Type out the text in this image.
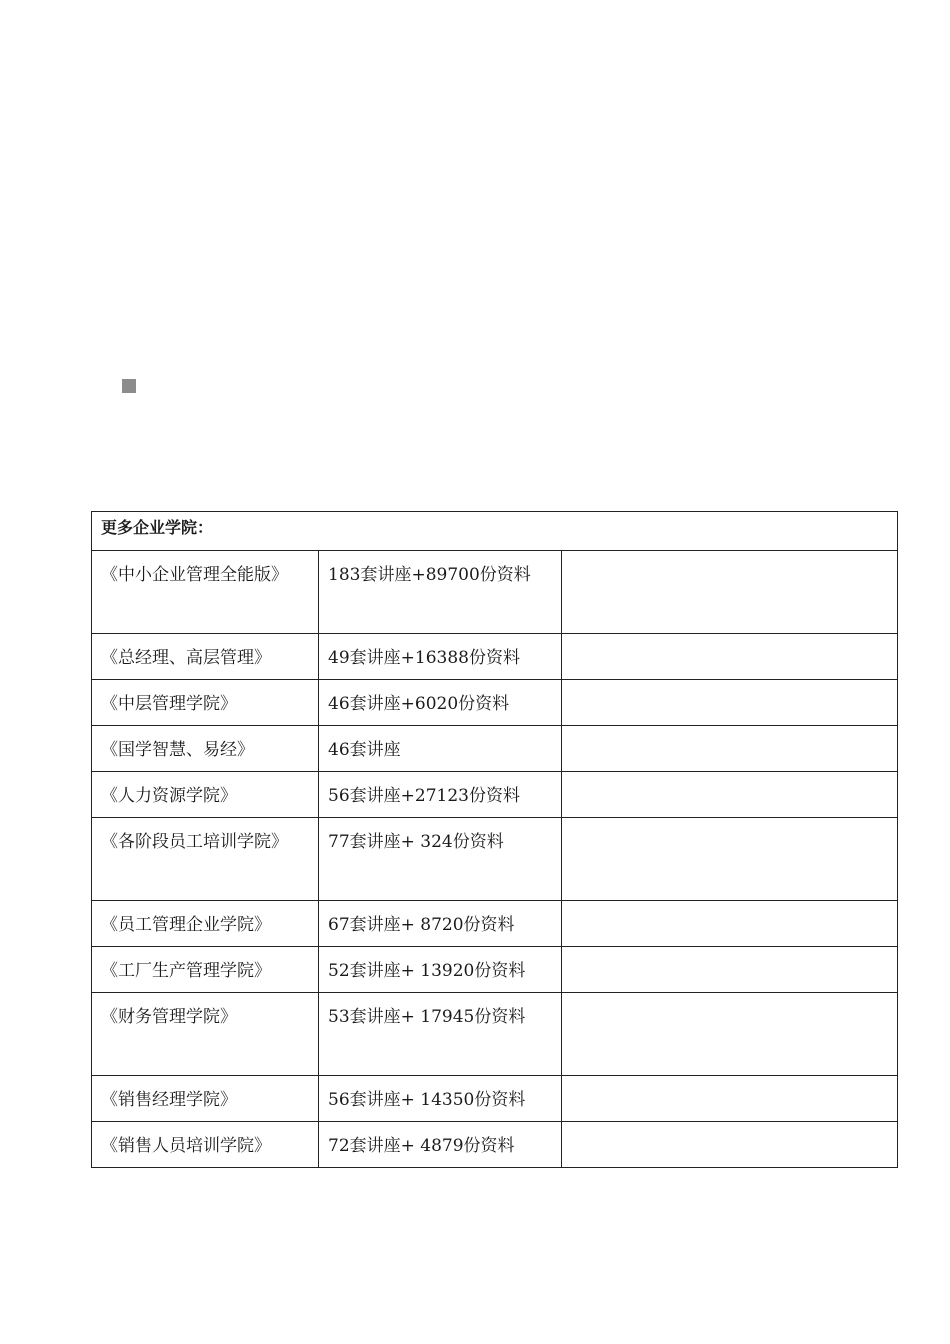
更多企业学院：		
《中小企业管理全能版》	183套讲座+89700份资料	
《总经理、高层管理》	49套讲座+16388份资料	
《中层管理学院》	46套讲座+6020份资料	
《国学智慧、易经》	46套讲座	
《人力资源学院》	56套讲座+27123份资料	
《各阶段员工培训学院》	77套讲座+ 324份资料	
《员工管理企业学院》	67套讲座+ 8720份资料	
《工厂生产管理学院》	52套讲座+ 13920份资料	
《财务管理学院》	53套讲座+ 17945份资料	
《销售经理学院》	56套讲座+ 14350份资料	
《销售人员培训学院》	72套讲座+ 4879份资料	
